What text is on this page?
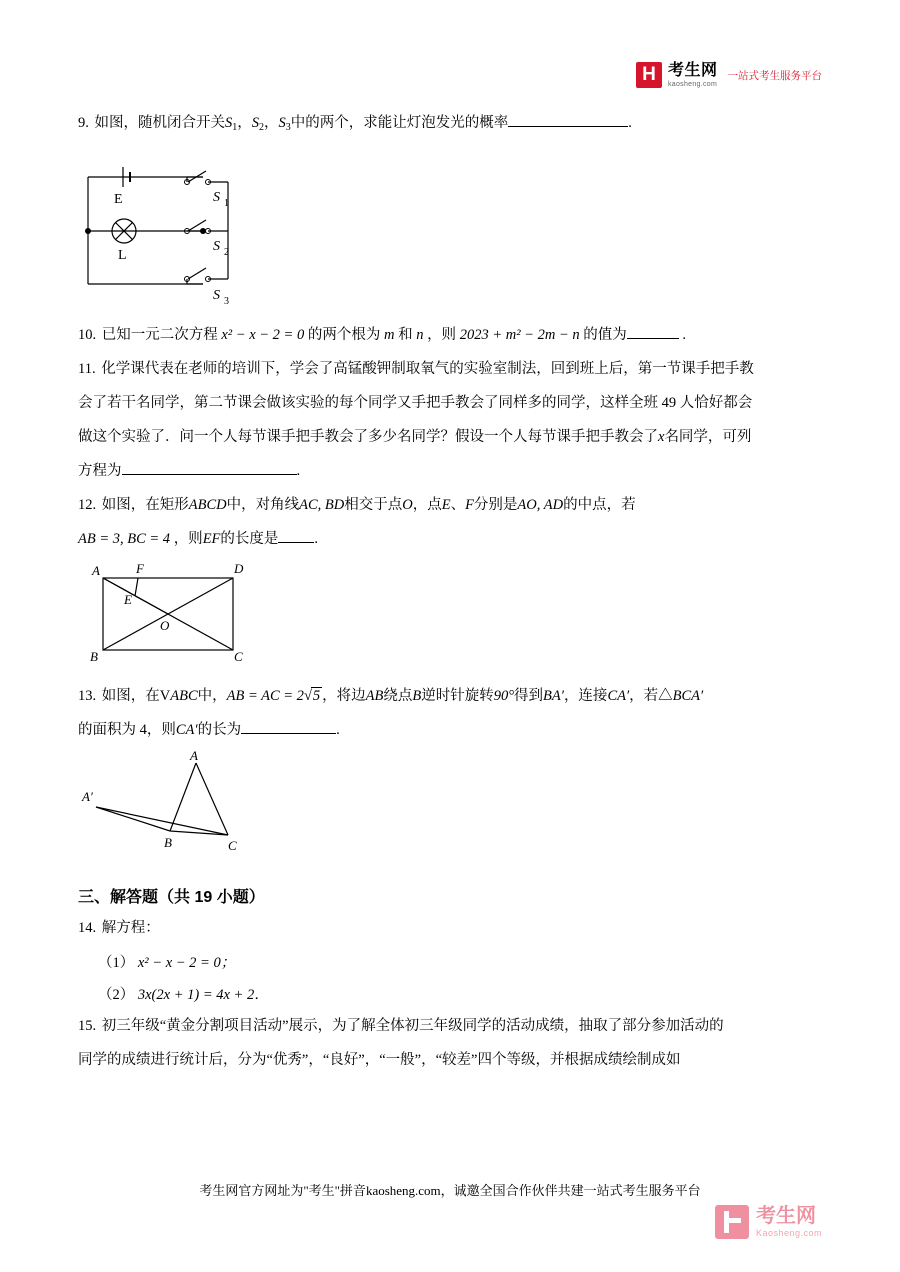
H 考生网
kaosheng.com
一站式考生服务平台
9. 如图，随机闭合开关$S_1$，$S_2$，$S_3$中的两个，求能让灯泡发光的概率	.
E
L
S 1
S 2
S 3
10. 已知一元二次方程 x² − x − 2 = 0 的两个根为 m 和 n ，则 2023 + m² − 2m − n 的值为	.
11. 化学课代表在老师的培训下，学会了高锰酸钾制取氧气的实验室制法，回到班上后，第一节课手把手教
会了若干名同学，第二节课会做该实验的每个同学又手把手教会了同样多的同学，这样全班 49 人恰好都会
做这个实验了．问一个人每节课手把手教会了多少名同学？假设一个人每节课手把手教会了x名同学，可列
方程为	.
12. 如图，在矩形ABCD中，对角线AC, BD相交于点O，点E、F分别是AO, AD的中点，若
AB = 3, BC = 4 ，则EF的长度是 .
A	F	D
E
O
B	C
13. 如图，在VABC中，AB = AC = 2√5 ，将边AB绕点B逆时针旋转90°得到BA′，连接CA′，若△BCA′
的面积为 4，则CA′的长为	.
A
A′
B	C
三、解答题（共 19 小题）
14. 解方程：
（1） x² − x − 2 = 0；
（2） 3x(2x + 1) = 4x + 2．
15. 初三年级“黄金分割项目活动”展示，为了解全体初三年级同学的活动成绩，抽取了部分参加活动的
同学的成绩进行统计后，分为“优秀”，“良好”，“一般”，“较差”四个等级，并根据成绩绘制成如
考生网官方网址为"考生"拼音kaosheng.com，诚邀全国合作伙伴共建一站式考生服务平台
考生网
Kaosheng.com
